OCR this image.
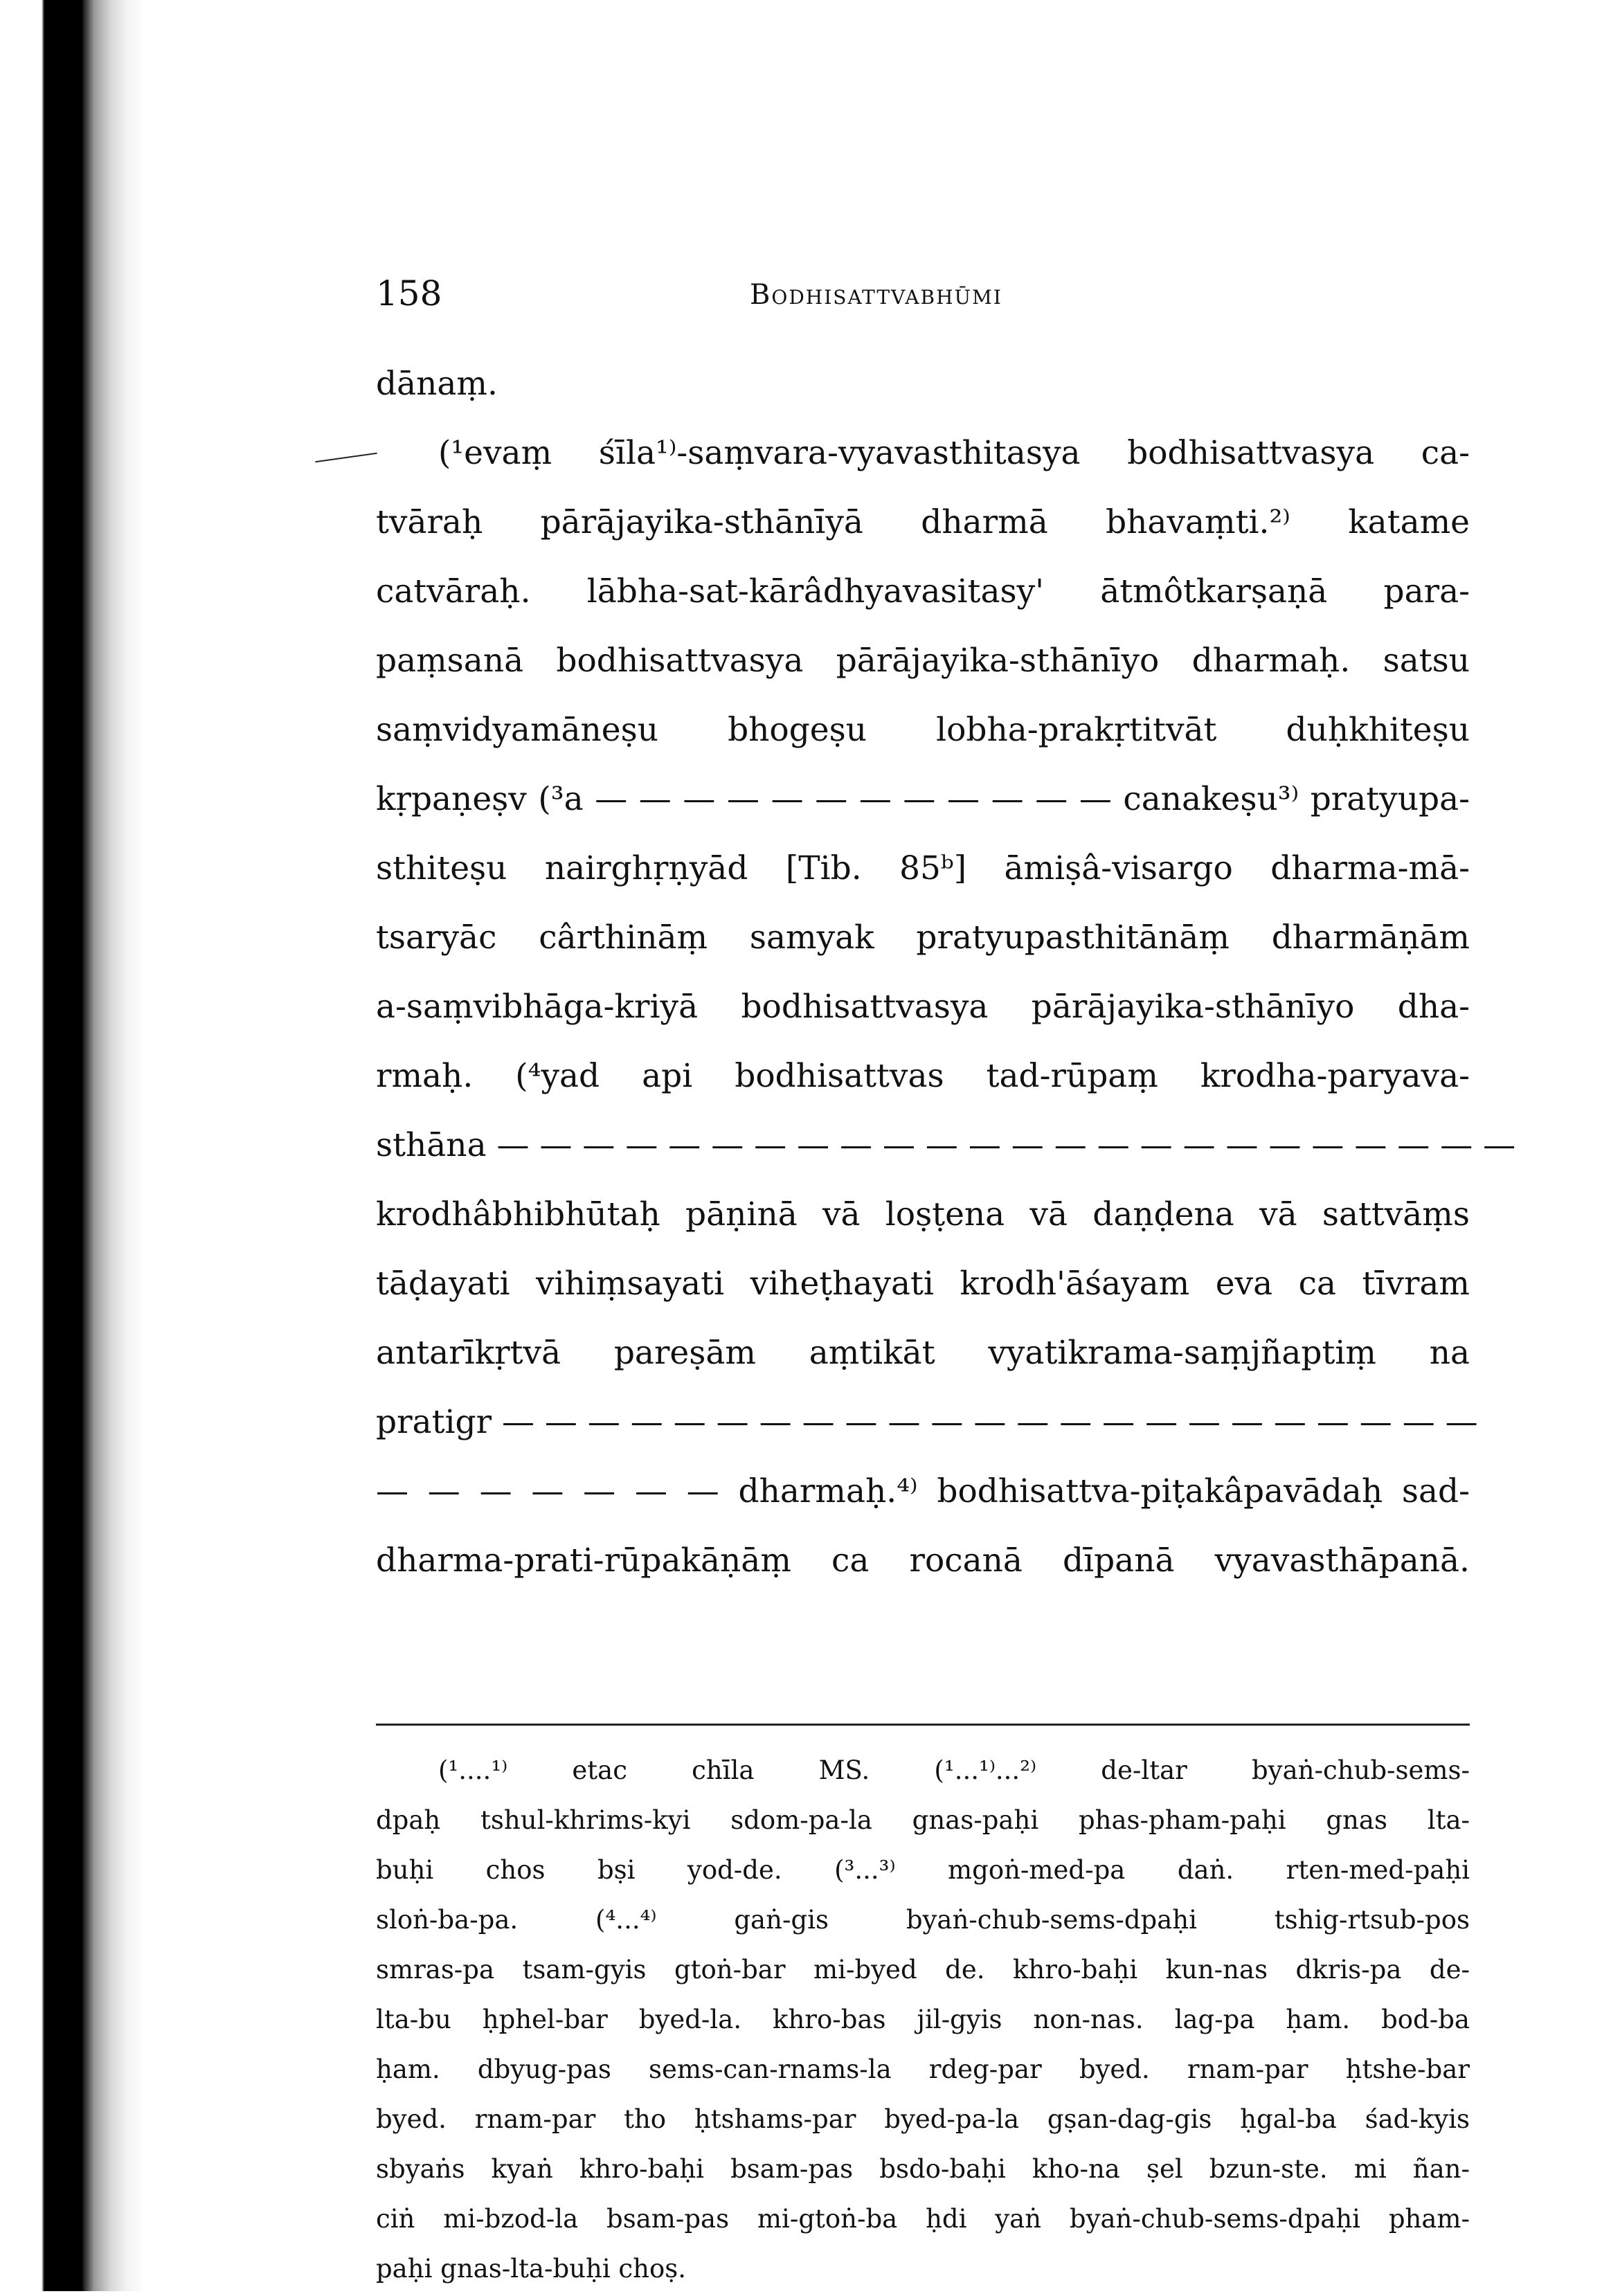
158	Bodhisattvabhūmi
dānaṃ.
(¹evaṃ śīla¹⁾-saṃvara-vyavasthitasya bodhisattvasya ca-
tvāraḥ pārājayika-sthānīyā dharmā bhavaṃti.²⁾ katame
catvāraḥ. lābha-sat-kārâdhyavasitasy' ātmôtkarṣaṇā para-
paṃsanā bodhisattvasya pārājayika-sthānīyo dharmaḥ. satsu
saṃvidyamāneṣu bhogeṣu lobha-prakṛtitvāt duḥkhiteṣu
kṛpaṇeṣv (³a — — — — — — — — — — — — canakeṣu³⁾ pratyupa-
sthiteṣu nairghṛṇyād [Tib. 85ᵇ] āmiṣâ-visargo dharma-mā-
tsaryāc cârthināṃ samyak pratyupasthitānāṃ dharmāṇām
a-saṃvibhāga-kriyā bodhisattvasya pārājayika-sthānīyo dha-
rmaḥ. (⁴yad api bodhisattvas tad-rūpaṃ krodha-paryava-
sthāna — — — — — — — — — — — — — — — — — — — — — — — —
krodhâbhibhūtaḥ pāṇinā vā loṣṭena vā daṇḍena vā sattvāṃs
tāḍayati vihiṃsayati viheṭhayati krodh'āśayam eva ca tīvram
antarīkṛtvā pareṣām aṃtikāt vyatikrama-saṃjñaptiṃ na
pratigr — — — — — — — — — — — — — — — — — — — — — — —
— — — — — — — dharmaḥ.⁴⁾ bodhisattva-piṭakâpavādaḥ sad-
dharma-prati-rūpakāṇāṃ ca rocanā dīpanā vyavasthāpanā.
(¹....¹⁾ etac chīla MS. (¹...¹⁾...²⁾ de-ltar byaṅ-chub-sems-
dpaḥ tshul-khrims-kyi sdom-pa-la gnas-paḥi phas-pham-paḥi gnas lta-
buḥi chos bṣi yod-de. (³...³⁾ mgoṅ-med-pa daṅ. rten-med-paḥi
sloṅ-ba-pa. (⁴...⁴⁾ gaṅ-gis byaṅ-chub-sems-dpaḥi tshig-rtsub-pos
smras-pa tsam-gyis gtoṅ-bar mi-byed de. khro-baḥi kun-nas dkris-pa de-
lta-bu ḥphel-bar byed-la. khro-bas jil-gyis non-nas. lag-pa ḥam. bod-ba
ḥam. dbyug-pas sems-can-rnams-la rdeg-par byed. rnam-par ḥtshe-bar
byed. rnam-par tho ḥtshams-par byed-pa-la gṣan-dag-gis ḥgal-ba śad-kyis
sbyaṅs kyaṅ khro-baḥi bsam-pas bsdo-baḥi kho-na ṣel bzun-ste. mi ñan-
ciṅ mi-bzod-la bsam-pas mi-gtoṅ-ba ḥdi yaṅ byaṅ-chub-sems-dpaḥi pham-
paḥi gnas-lta-buḥi choṣ.
